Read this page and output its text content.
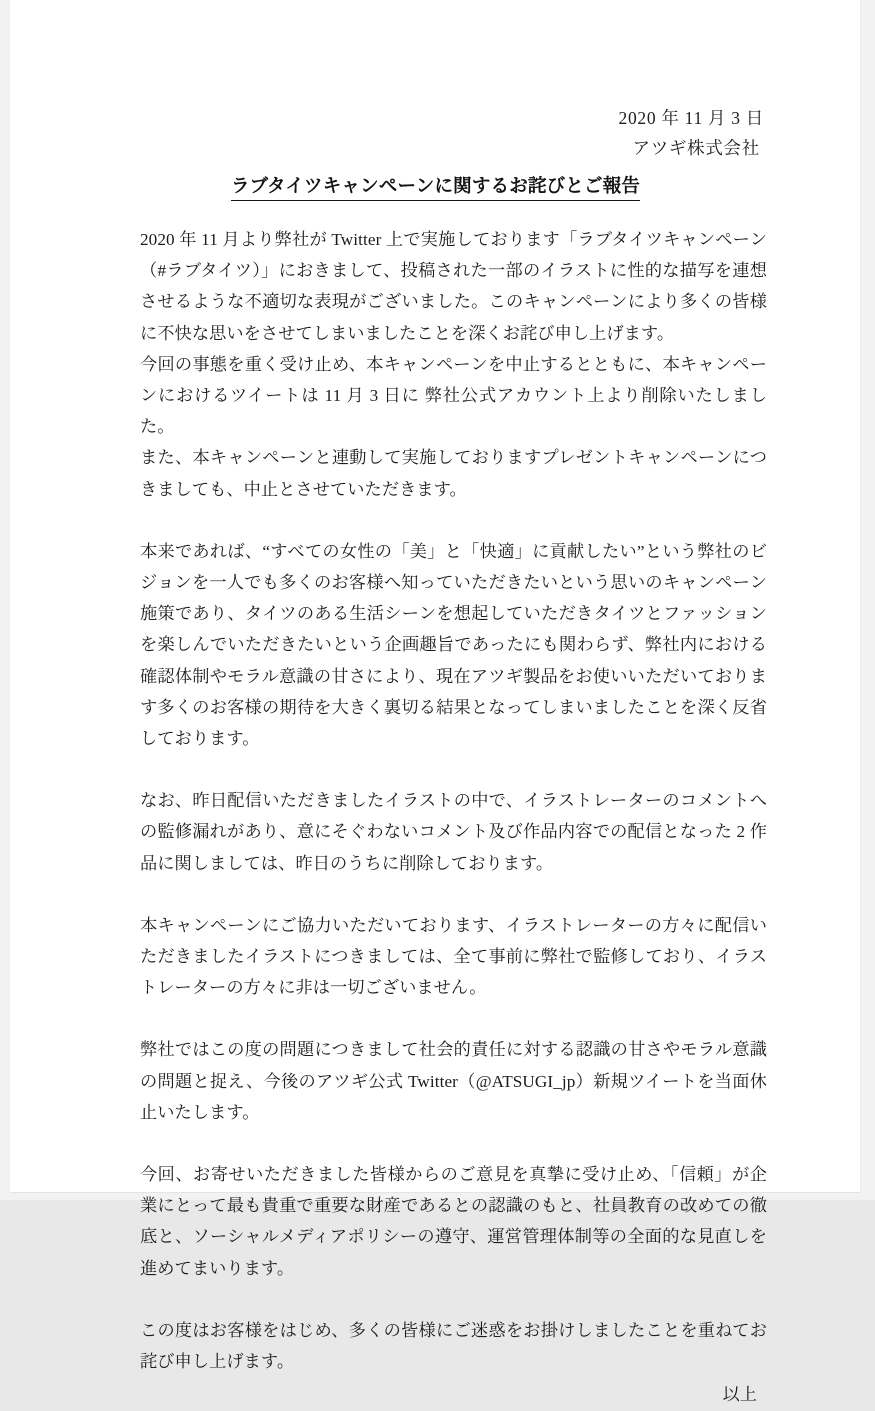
2020 年 11 月 3 日
アツギ株式会社
ラブタイツキャンペーンに関するお詫びとご報告

2020 年 11 月より弊社が Twitter 上で実施しております「ラブタイツキャンペーン（#ラブタイツ）」におきまして、投稿された一部のイラストに性的な描写を連想させるような不適切な表現がございました。このキャンペーンにより多くの皆様に不快な思いをさせてしまいましたことを深くお詫び申し上げます。

今回の事態を重く受け止め、本キャンペーンを中止するとともに、本キャンペーンにおけるツイートは 11 月 3 日に 弊社公式アカウント上より削除いたしました。

また、本キャンペーンと連動して実施しておりますプレゼントキャンペーンにつきましても、中止とさせていただきます。

本来であれば、“すべての女性の「美」と「快適」に貢献したい”という弊社のビジョンを一人でも多くのお客様へ知っていただきたいという思いのキャンペーン施策であり、タイツのある生活シーンを想起していただきタイツとファッションを楽しんでいただきたいという企画趣旨であったにも関わらず、弊社内における確認体制やモラル意識の甘さにより、現在アツギ製品をお使いいただいております多くのお客様の期待を大きく裏切る結果となってしまいましたことを深く反省しております。

なお、昨日配信いただきましたイラストの中で、イラストレーターのコメントへの監修漏れがあり、意にそぐわないコメント及び作品内容での配信となった 2 作品に関しましては、昨日のうちに削除しております。

本キャンペーンにご協力いただいております、イラストレーターの方々に配信いただきましたイラストにつきましては、全て事前に弊社で監修しており、イラストレーターの方々に非は一切ございません。

弊社ではこの度の問題につきまして社会的責任に対する認識の甘さやモラル意識の問題と捉え、今後のアツギ公式 Twitter（@ATSUGI_jp）新規ツイートを当面休止いたします。

今回、お寄せいただきました皆様からのご意見を真摯に受け止め、「信頼」が企業にとって最も貴重で重要な財産であるとの認識のもと、社員教育の改めての徹底と、ソーシャルメディアポリシーの遵守、運営管理体制等の全面的な見直しを進めてまいります。

この度はお客様をはじめ、多くの皆様にご迷惑をお掛けしましたことを重ねてお詫び申し上げます。

以上
